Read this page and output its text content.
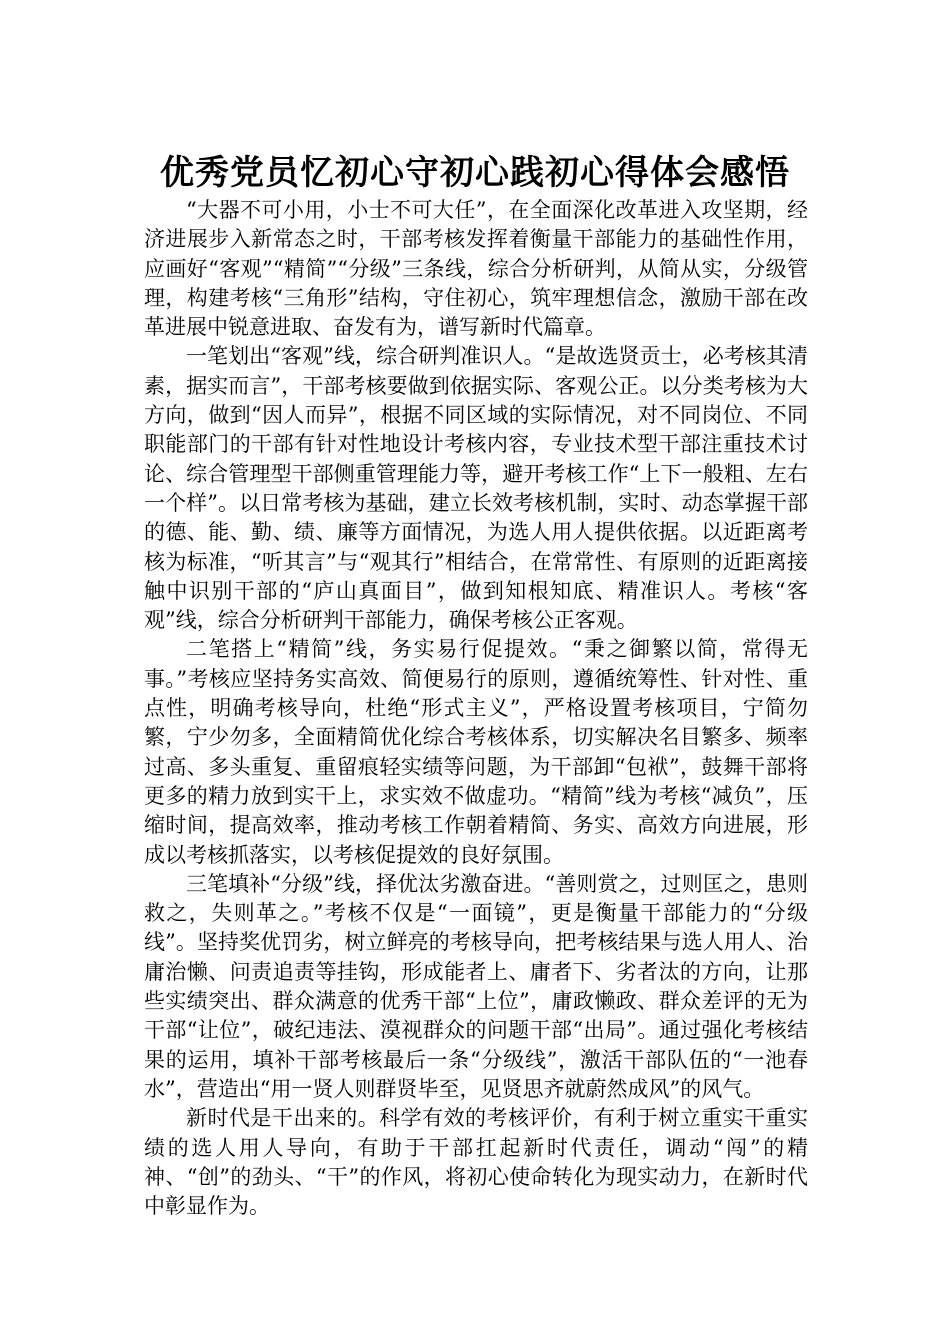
优秀党员忆初心守初心践初心得体会感悟

“大器不可小用，小士不可大任”，在全面深化改革进入攻坚期，经济进展步入新常态之时，干部考核发挥着衡量干部能力的基础性作用，应画好“客观”“精简”“分级”三条线，综合分析研判，从简从实，分级管理，构建考核“三角形”结构，守住初心，筑牢理想信念，激励干部在改革进展中锐意进取、奋发有为，谱写新时代篇章。

一笔划出“客观”线，综合研判准识人。“是故选贤贡士，必考核其清素，据实而言”，干部考核要做到依据实际、客观公正。以分类考核为大方向，做到“因人而异”，根据不同区域的实际情况，对不同岗位、不同职能部门的干部有针对性地设计考核内容，专业技术型干部注重技术讨论、综合管理型干部侧重管理能力等，避开考核工作“上下一般粗、左右一个样”。以日常考核为基础，建立长效考核机制，实时、动态掌握干部的德、能、勤、绩、廉等方面情况，为选人用人提供依据。以近距离考核为标准，“听其言”与“观其行”相结合，在常常性、有原则的近距离接触中识别干部的“庐山真面目”，做到知根知底、精准识人。考核“客观”线，综合分析研判干部能力，确保考核公正客观。

二笔搭上“精简”线，务实易行促提效。“秉之御繁以简，常得无事。”考核应坚持务实高效、简便易行的原则，遵循统筹性、针对性、重点性，明确考核导向，杜绝“形式主义”，严格设置考核项目，宁简勿繁，宁少勿多，全面精简优化综合考核体系，切实解决名目繁多、频率过高、多头重复、重留痕轻实绩等问题，为干部卸“包袱”，鼓舞干部将更多的精力放到实干上，求实效不做虚功。“精简”线为考核“减负”，压缩时间，提高效率，推动考核工作朝着精简、务实、高效方向进展，形成以考核抓落实，以考核促提效的良好氛围。

三笔填补“分级”线，择优汰劣激奋进。“善则赏之，过则匡之，患则救之，失则革之。”考核不仅是“一面镜”，更是衡量干部能力的“分级线”。坚持奖优罚劣，树立鲜亮的考核导向，把考核结果与选人用人、治庸治懒、问责追责等挂钩，形成能者上、庸者下、劣者汰的方向，让那些实绩突出、群众满意的优秀干部“上位”，庸政懒政、群众差评的无为干部“让位”，破纪违法、漠视群众的问题干部“出局”。通过强化考核结果的运用，填补干部考核最后一条“分级线”，激活干部队伍的“一池春水”，营造出“用一贤人则群贤毕至，见贤思齐就蔚然成风”的风气。

新时代是干出来的。科学有效的考核评价，有利于树立重实干重实绩的选人用人导向，有助于干部扛起新时代责任，调动“闯”的精神、“创”的劲头、“干”的作风，将初心使命转化为现实动力，在新时代中彰显作为。
